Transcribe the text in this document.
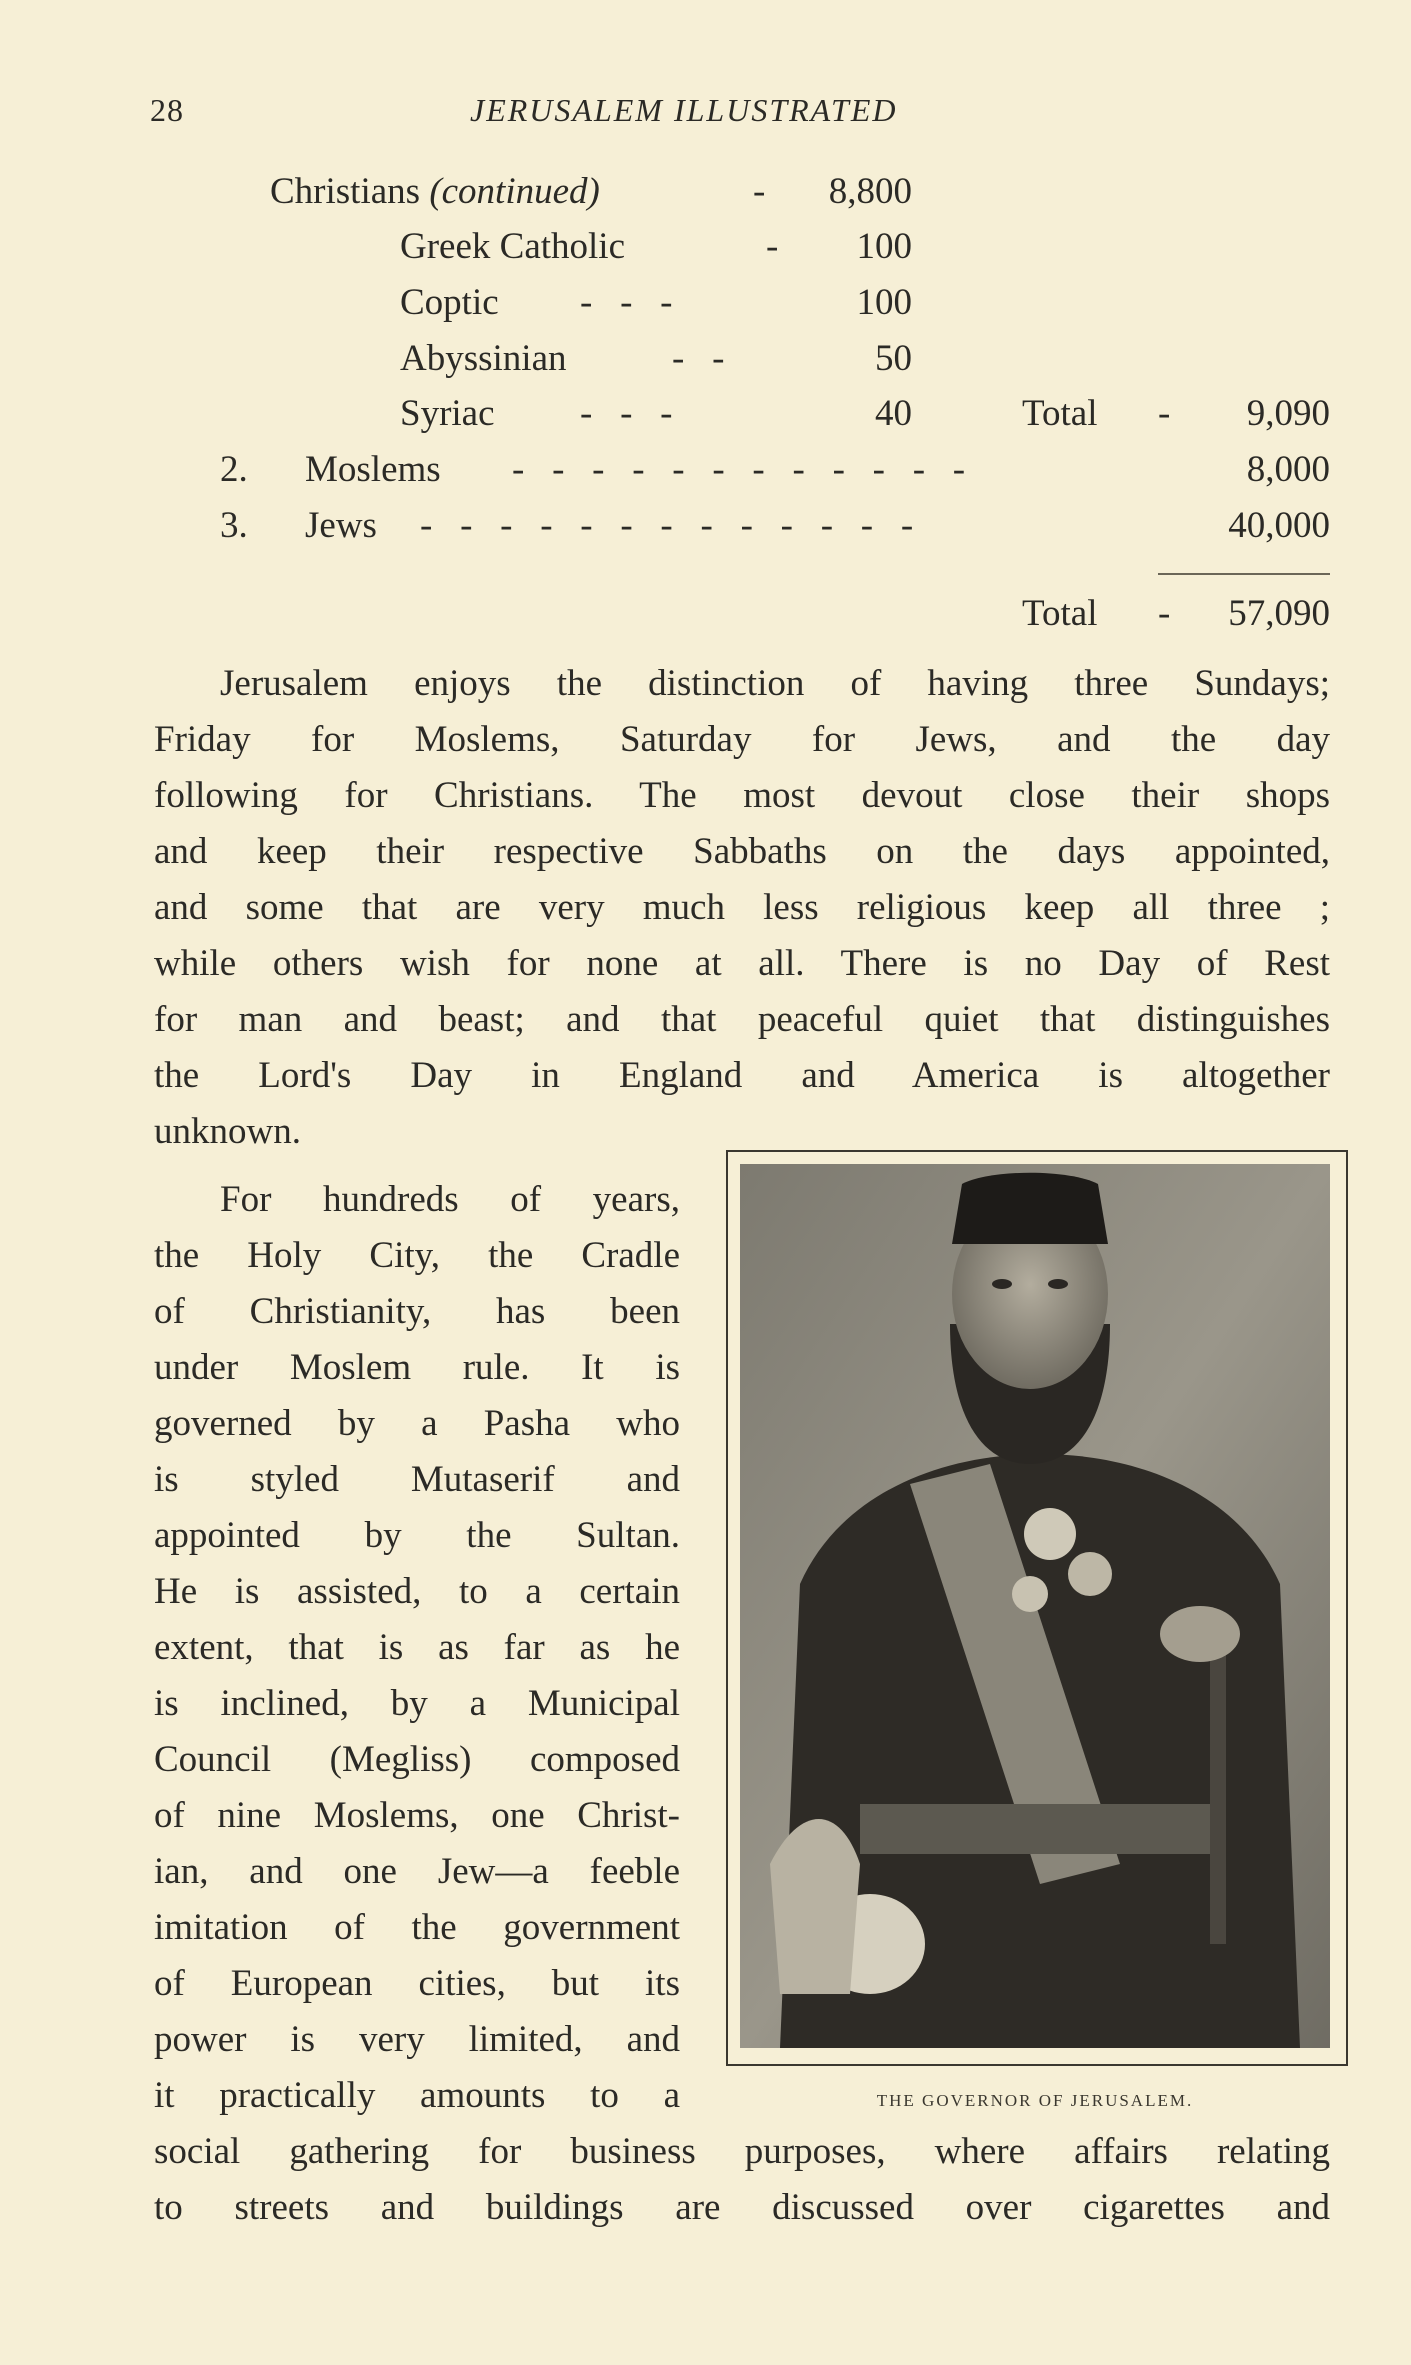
28	JERUSALEM ILLUSTRATED
Christians (continued)	-	8,800
Greek Catholic	-	100
Coptic -   -   -	100
Abyssinian	-   -	50
Syriac -   -   -	40	Total -	9,090
2. Moslems -   -   -   -   -   -   -   -   -   -   -   -	8,000
3. Jews -   -   -   -   -   -   -   -   -   -   -   -   -	40,000
Total -	57,090
Jerusalem enjoys the distinction of having three Sundays;
Friday for Moslems, Saturday for Jews, and the day
following for Christians. The most devout close their shops
and keep their respective Sabbaths on the days appointed,
and some that are very much less religious keep all three ;
while others wish for none at all. There is no Day of Rest
for man and beast; and that peaceful quiet that distinguishes
the Lord's Day in England and America is altogether
unknown.
For hundreds of years,
the Holy City, the Cradle
of Christianity, has been
under Moslem rule. It is
governed by a Pasha who
is styled Mutaserif and
appointed by the Sultan.
He is assisted, to a certain
extent, that is as far as he
is inclined, by a Municipal
Council (Megliss) composed
of nine Moslems, one Christ-
ian, and one Jew—a feeble
imitation of the government
of European cities, but its
power is very limited, and
it practically amounts to a
social gathering for business purposes, where affairs relating
to streets and buildings are discussed over cigarettes and
THE GOVERNOR OF JERUSALEM.
